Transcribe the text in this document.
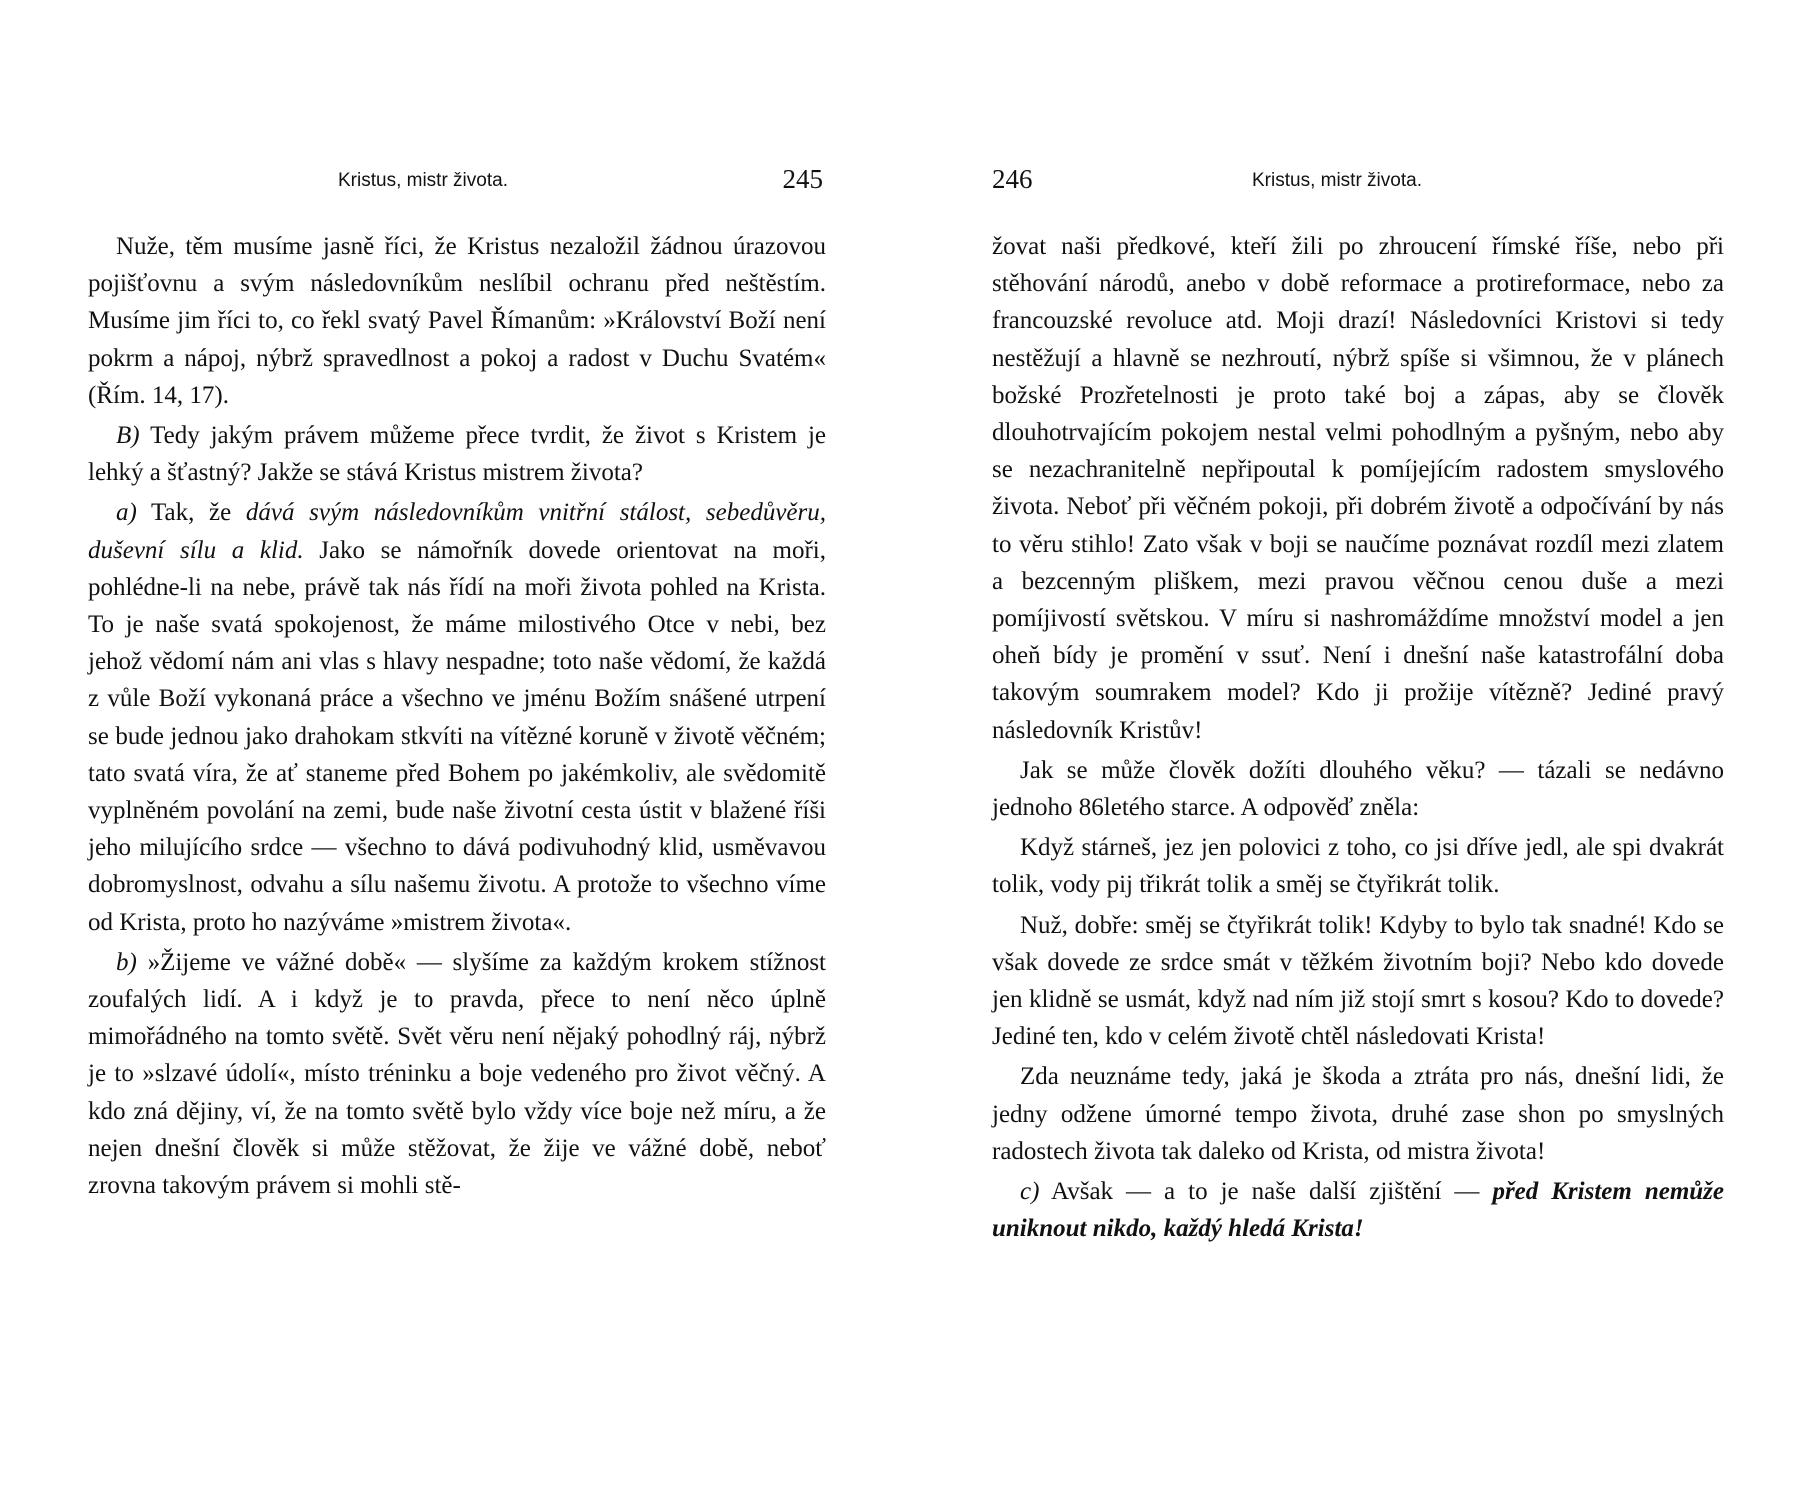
Kristus, mistr života.	245

Nuže, těm musíme jasně říci, že Kristus nezaložil žádnou úrazovou pojišťovnu a svým následovníkům neslíbil ochranu před neštěstím. Musíme jim říci to, co řekl svatý Pavel Římanům: »Království Boží není pokrm a nápoj, nýbrž spravedlnost a pokoj a radost v Duchu Svatém« (Řím. 14, 17).

B) Tedy jakým právem můžeme přece tvrdit, že život s Kristem je lehký a šťastný? Jakže se stává Kristus mistrem života?

a) Tak, že dává svým následovníkům vnitřní stálost, sebedůvěru, duševní sílu a klid. Jako se námořník dovede orientovat na moři, pohlédne-li na nebe, právě tak nás řídí na moři života pohled na Krista. To je naše svatá spokojenost, že máme milostivého Otce v nebi, bez jehož vědomí nám ani vlas s hlavy nespadne; toto naše vědomí, že každá z vůle Boží vykonaná práce a všechno ve jménu Božím snášené utrpení se bude jednou jako drahokam stkvíti na vítězné koruně v životě věčném; tato svatá víra, že ať staneme před Bohem po jakémkoliv, ale svědomitě vyplněném povolání na zemi, bude naše životní cesta ústit v blažené říši jeho milujícího srdce — všechno to dává podivuhodný klid, usměvavou dobromyslnost, odvahu a sílu našemu životu. A protože to všechno víme od Krista, proto ho nazýváme »mistrem života«.

b) »Žijeme ve vážné době« — slyšíme za každým krokem stížnost zoufalých lidí. A i když je to pravda, přece to není něco úplně mimořádného na tomto světě. Svět věru není nějaký pohodlný ráj, nýbrž je to »slzavé údolí«, místo tréninku a boje vedeného pro život věčný. A kdo zná dějiny, ví, že na tomto světě bylo vždy více boje než míru, a že nejen dnešní člověk si může stěžovat, že žije ve vážné době, neboť zrovna takovým právem si mohli stě-

246	Kristus, mistr života.

žovat naši předkové, kteří žili po zhroucení římské říše, nebo při stěhování národů, anebo v době reformace a protireformace, nebo za francouzské revoluce atd. Moji drazí! Následovníci Kristovi si tedy nestěžují a hlavně se nezhroutí, nýbrž spíše si všimnou, že v plánech božské Prozřetelnosti je proto také boj a zápas, aby se člověk dlouhotrvajícím pokojem nestal velmi pohodlným a pyšným, nebo aby se nezachranitelně nepřipoutal k pomíjejícím radostem smyslového života. Neboť při věčném pokoji, při dobrém životě a odpočívání by nás to věru stihlo! Zato však v boji se naučíme poznávat rozdíl mezi zlatem a bezcenným pliškem, mezi pravou věčnou cenou duše a mezi pomíjivostí světskou. V míru si nashromáždíme množství model a jen oheň bídy je promění v ssuť. Není i dnešní naše katastrofální doba takovým soumrakem model? Kdo ji prožije vítězně? Jediné pravý následovník Kristův!

Jak se může člověk dožíti dlouhého věku? — tázali se nedávno jednoho 86letého starce. A odpověď zněla:

Když stárneš, jez jen polovici z toho, co jsi dříve jedl, ale spi dvakrát tolik, vody pij třikrát tolik a směj se čtyřikrát tolik.

Nuž, dobře: směj se čtyřikrát tolik! Kdyby to bylo tak snadné! Kdo se však dovede ze srdce smát v těžkém životním boji? Nebo kdo dovede jen klidně se usmát, když nad ním již stojí smrt s kosou? Kdo to dovede? Jediné ten, kdo v celém životě chtěl následovati Krista!

Zda neuznáme tedy, jaká je škoda a ztráta pro nás, dnešní lidi, že jedny odžene úmorné tempo života, druhé zase shon po smyslných radostech života tak daleko od Krista, od mistra života!

c) Avšak — a to je naše další zjištění — před Kristem nemůže uniknout nikdo, každý hledá Krista!
